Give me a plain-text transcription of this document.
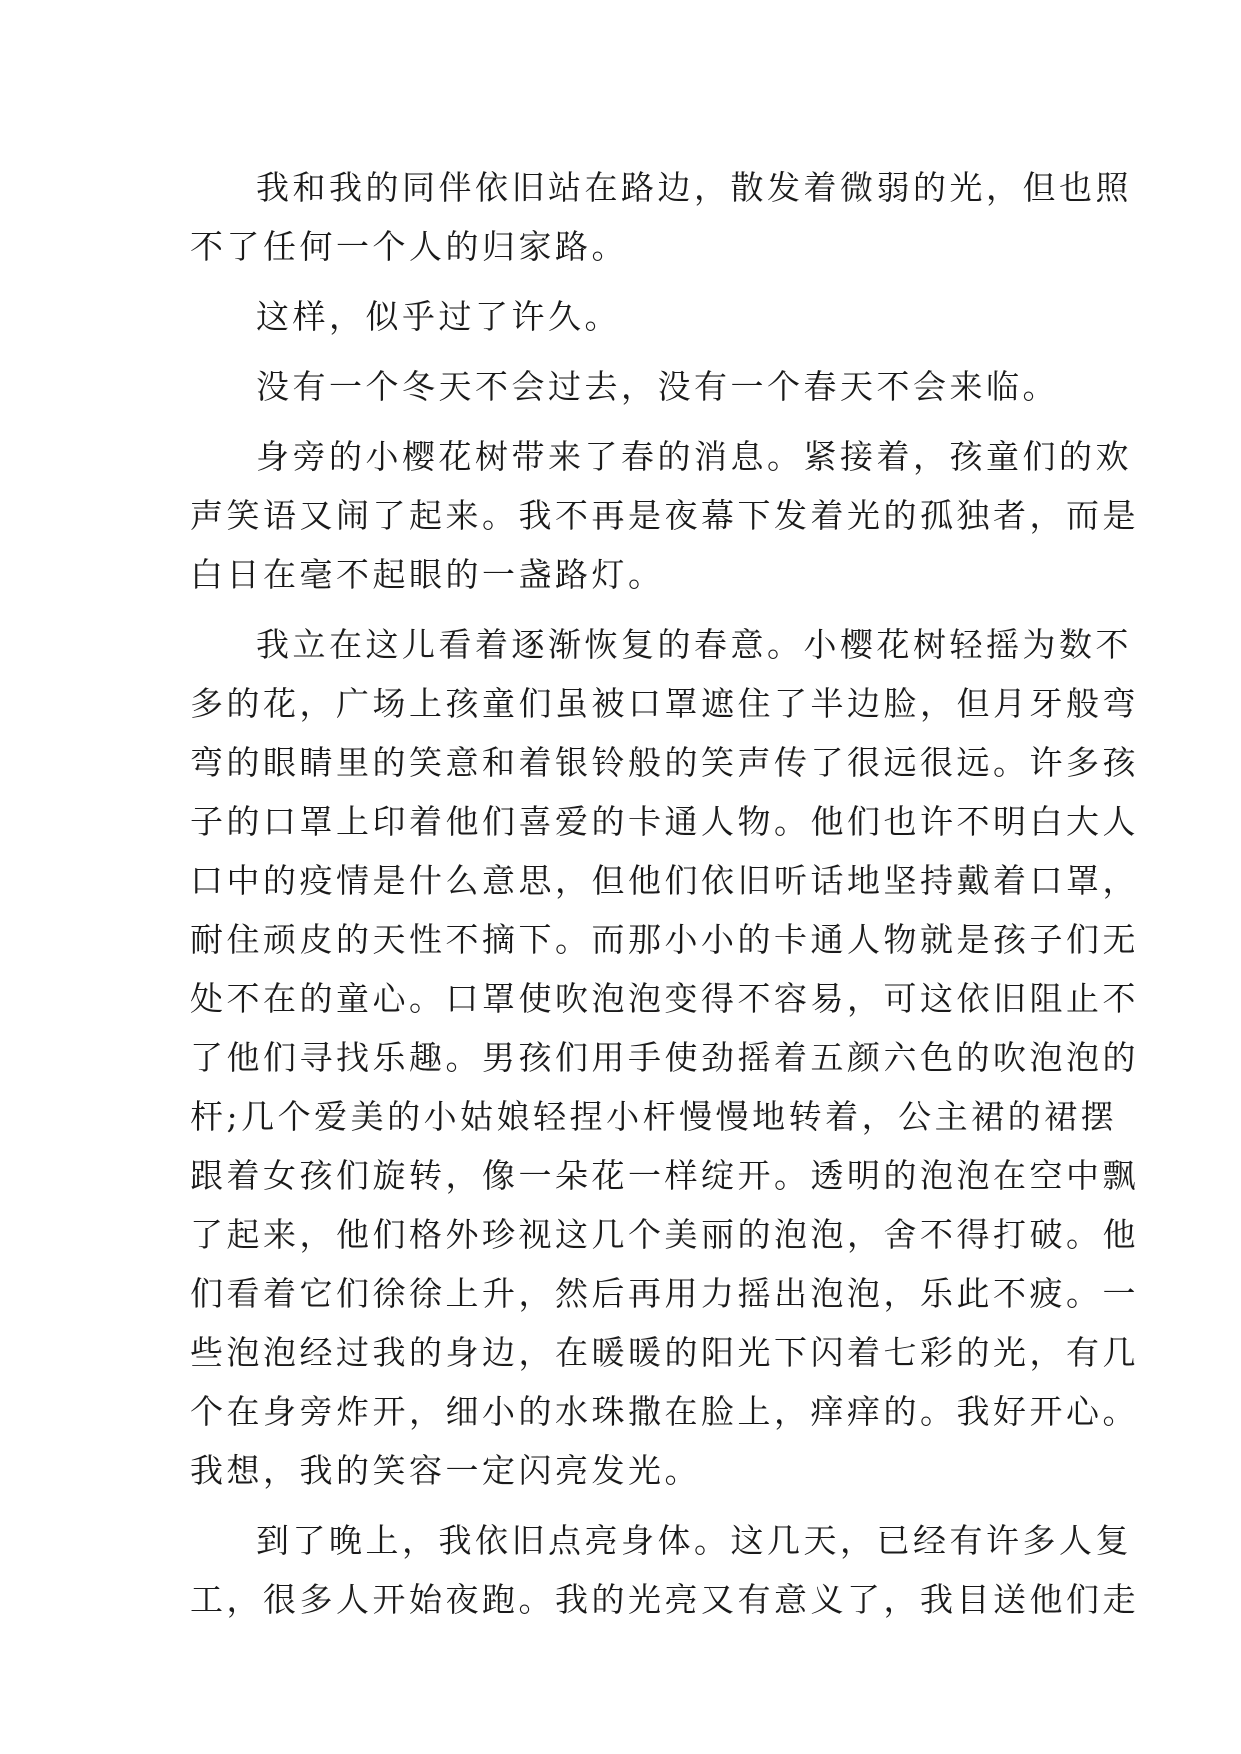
我和我的同伴依旧站在路边，散发着微弱的光，但也照
不了任何一个人的归家路。
这样，似乎过了许久。
没有一个冬天不会过去，没有一个春天不会来临。
身旁的小樱花树带来了春的消息。紧接着，孩童们的欢
声笑语又闹了起来。我不再是夜幕下发着光的孤独者，而是
白日在毫不起眼的一盏路灯。
我立在这儿看着逐渐恢复的春意。小樱花树轻摇为数不
多的花，广场上孩童们虽被口罩遮住了半边脸，但月牙般弯
弯的眼睛里的笑意和着银铃般的笑声传了很远很远。许多孩
子的口罩上印着他们喜爱的卡通人物。他们也许不明白大人
口中的疫情是什么意思，但他们依旧听话地坚持戴着口罩，
耐住顽皮的天性不摘下。而那小小的卡通人物就是孩子们无
处不在的童心。口罩使吹泡泡变得不容易，可这依旧阻止不
了他们寻找乐趣。男孩们用手使劲摇着五颜六色的吹泡泡的
杆;几个爱美的小姑娘轻捏小杆慢慢地转着，公主裙的裙摆
跟着女孩们旋转，像一朵花一样绽开。透明的泡泡在空中飘
了起来，他们格外珍视这几个美丽的泡泡，舍不得打破。他
们看着它们徐徐上升，然后再用力摇出泡泡，乐此不疲。一
些泡泡经过我的身边，在暖暖的阳光下闪着七彩的光，有几
个在身旁炸开，细小的水珠撒在脸上，痒痒的。我好开心。
我想，我的笑容一定闪亮发光。
到了晚上，我依旧点亮身体。这几天，已经有许多人复
工，很多人开始夜跑。我的光亮又有意义了，我目送他们走
